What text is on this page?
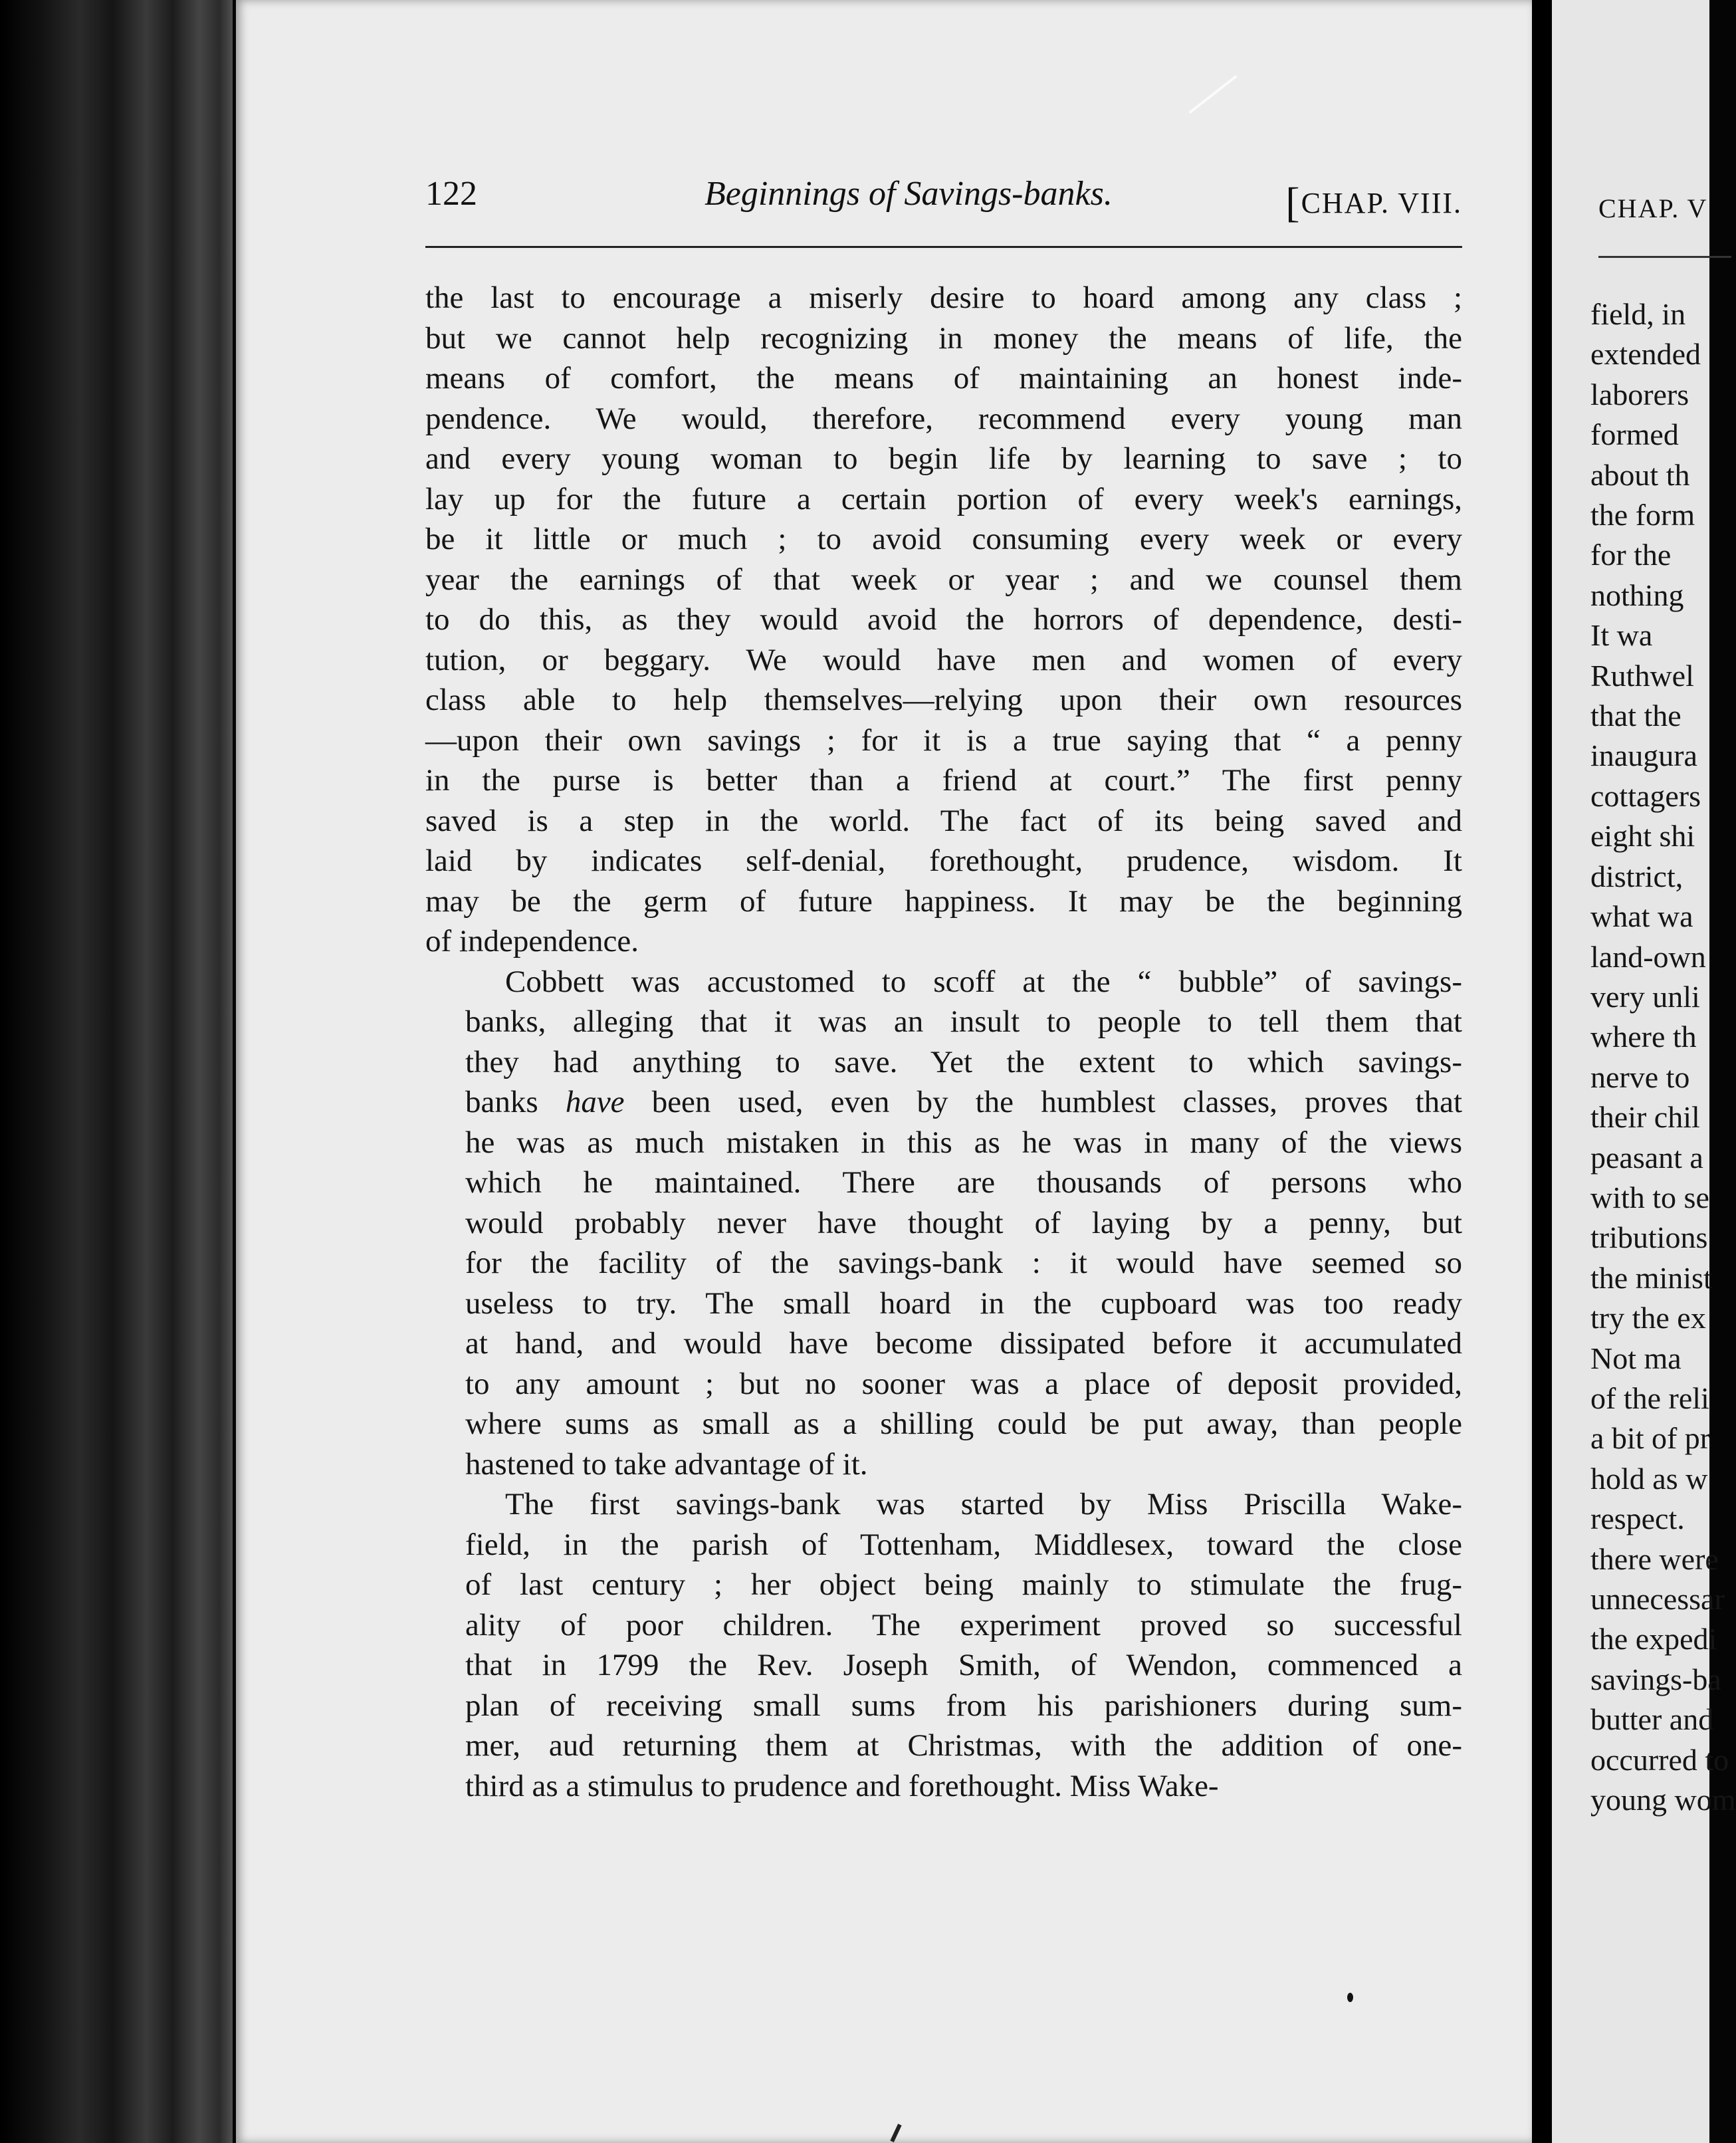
CHAP. V
field, in
extended
laborers
formed
about th
the form
for the
nothing
It wa
Ruthwel
that the
inaugura
cottagers
eight shi
district,
what wa
land-own
very unli
where th
nerve to
their chil
peasant a
with to se
tributions
the minist
try the ex
Not ma
of the reli
a bit of pr
hold as w
respect.
there were
unnecessar
the expedi
savings-ba
butter and
occurred to
young wom
122	Beginnings of Savings-banks.	[CHAP. VIII.
the last to encourage a miserly desire to hoard among any class ;
but we cannot help recognizing in money the means of life, the
means of comfort, the means of maintaining an honest inde-
pendence. We would, therefore, recommend every young man
and every young woman to begin life by learning to save ; to
lay up for the future a certain portion of every week's earnings,
be it little or much ; to avoid consuming every week or every
year the earnings of that week or year ; and we counsel them
to do this, as they would avoid the horrors of dependence, desti-
tution, or beggary. We would have men and women of every
class able to help themselves—relying upon their own resources
—upon their own savings ; for it is a true saying that “ a penny
in the purse is better than a friend at court.” The first penny
saved is a step in the world. The fact of its being saved and
laid by indicates self-denial, forethought, prudence, wisdom. It
may be the germ of future happiness. It may be the beginning
of independence.
Cobbett was accustomed to scoff at the “ bubble” of savings-
banks, alleging that it was an insult to people to tell them that
they had anything to save. Yet the extent to which savings-
banks have been used, even by the humblest classes, proves that
he was as much mistaken in this as he was in many of the views
which he maintained. There are thousands of persons who
would probably never have thought of laying by a penny, but
for the facility of the savings-bank : it would have seemed so
useless to try. The small hoard in the cupboard was too ready
at hand, and would have become dissipated before it accumulated
to any amount ; but no sooner was a place of deposit provided,
where sums as small as a shilling could be put away, than people
hastened to take advantage of it.
The first savings-bank was started by Miss Priscilla Wake-
field, in the parish of Tottenham, Middlesex, toward the close
of last century ; her object being mainly to stimulate the frug-
ality of poor children. The experiment proved so successful
that in 1799 the Rev. Joseph Smith, of Wendon, commenced a
plan of receiving small sums from his parishioners during sum-
mer, aud returning them at Christmas, with the addition of one-
third as a stimulus to prudence and forethought. Miss Wake-
